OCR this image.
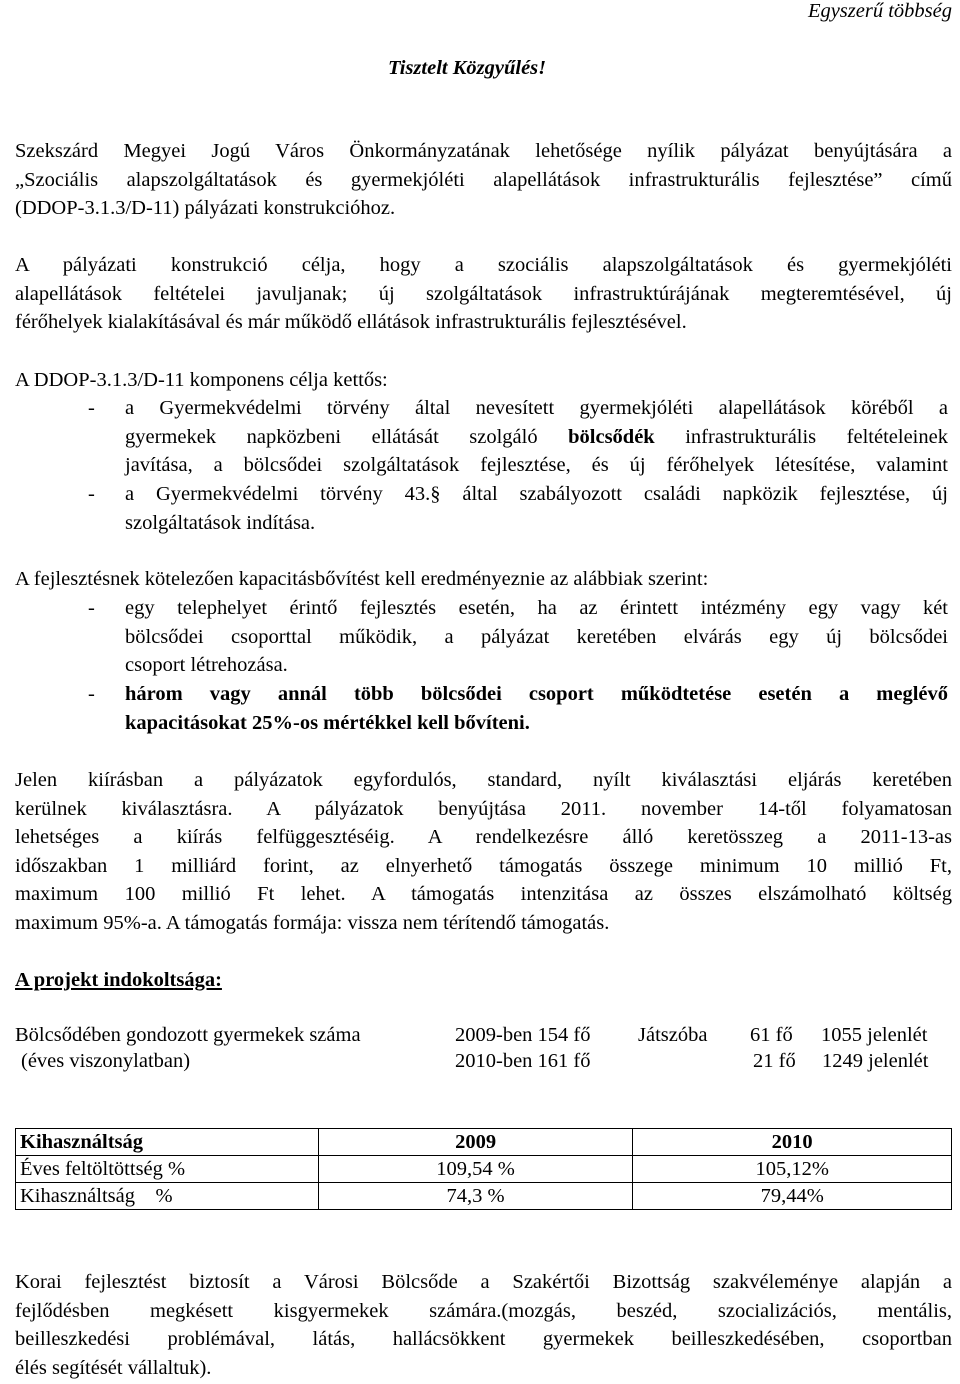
Egyszerű többség
Tisztelt Közgyűlés!
Szekszárd Megyei Jogú Város Önkormányzatának lehetősége nyílik pályázat benyújtására a
„Szociális alapszolgáltatások és gyermekjóléti alapellátások infrastrukturális fejlesztése” című
(DDOP-3.1.3/D-11) pályázati konstrukcióhoz.
A pályázati konstrukció célja, hogy a szociális alapszolgáltatások és gyermekjóléti
alapellátások feltételei javuljanak; új szolgáltatások infrastruktúrájának megteremtésével, új
férőhelyek kialakításával és már működő ellátások infrastrukturális fejlesztésével.
A DDOP-3.1.3/D-11 komponens célja kettős:
- a Gyermekvédelmi törvény által nevesített gyermekjóléti alapellátások köréből a
gyermekek napközbeni ellátását szolgáló bölcsődék infrastrukturális feltételeinek
javítása, a bölcsődei szolgáltatások fejlesztése, és új férőhelyek létesítése, valamint
- a Gyermekvédelmi törvény 43.§ által szabályozott családi napközik fejlesztése, új
szolgáltatások indítása.
A fejlesztésnek kötelezően kapacitásbővítést kell eredményeznie az alábbiak szerint:
- egy telephelyet érintő fejlesztés esetén, ha az érintett intézmény egy vagy két
bölcsődei csoporttal működik, a pályázat keretében elvárás egy új bölcsődei
csoport létrehozása.
- három vagy annál több bölcsődei csoport működtetése esetén a meglévő
kapacitásokat 25%-os mértékkel kell bővíteni.
Jelen kiírásban a pályázatok egyfordulós, standard, nyílt kiválasztási eljárás keretében
kerülnek kiválasztásra. A pályázatok benyújtása 2011. november 14-től folyamatosan
lehetséges a kiírás felfüggesztéséig. A rendelkezésre álló keretösszeg a 2011-13-as
időszakban 1 milliárd forint, az elnyerhető támogatás összege minimum 10 millió Ft,
maximum 100 millió Ft lehet. A támogatás intenzitása az összes elszámolható költség
maximum 95%-a. A támogatás formája: vissza nem térítendő támogatás.
A projekt indokoltsága:
Bölcsődében gondozott gyermekek száma	2009-ben 154 fő Játszóba 61 fő 1055 jelenlét
(éves viszonylatban)	2010-ben 161 fő	21 fő 1249 jelenlét
Kihasználtság	2009	2010
Éves feltöltöttség %	109,54 %	105,12%
Kihasználtság    %	74,3 %	79,44%
Korai fejlesztést biztosít a Városi Bölcsőde a Szakértői Bizottság szakvéleménye alapján a
fejlődésben megkésett kisgyermekek számára.(mozgás, beszéd, szocializációs, mentális,
beilleszkedési problémával, látás, hallácsökkent gyermekek beilleszkedésében, csoportban
élés segítését vállaltuk).
